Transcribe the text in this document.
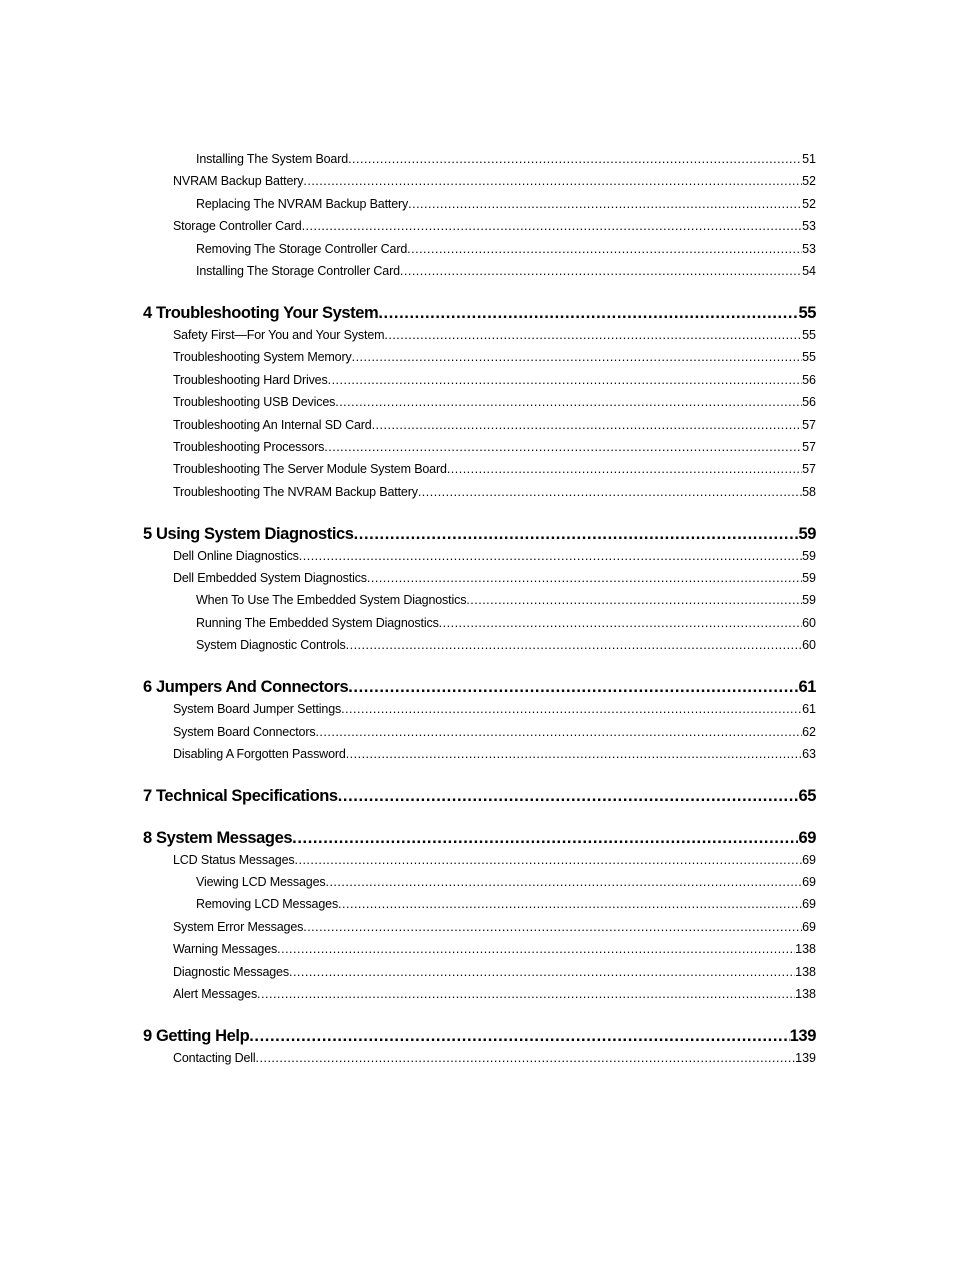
Installing The System Board .....	51
NVRAM Backup Battery .....	52
Replacing The NVRAM Backup Battery .....	52
Storage Controller Card .....	53
Removing The Storage Controller Card .....	53
Installing The Storage Controller Card .....	54
4 Troubleshooting Your System .....	55
Safety First—For You and Your System .....	55
Troubleshooting System Memory .....	55
Troubleshooting Hard Drives .....	56
Troubleshooting USB Devices .....	56
Troubleshooting An Internal SD Card .....	57
Troubleshooting Processors .....	57
Troubleshooting The Server Module System Board .....	57
Troubleshooting The NVRAM Backup Battery .....	58
5 Using System Diagnostics .....	59
Dell Online Diagnostics .....	59
Dell Embedded System Diagnostics .....	59
When To Use The Embedded System Diagnostics .....	59
Running The Embedded System Diagnostics .....	60
System Diagnostic Controls .....	60
6 Jumpers And Connectors .....	61
System Board Jumper Settings .....	61
System Board Connectors .....	62
Disabling A Forgotten Password .....	63
7 Technical Specifications .....	65
8 System Messages .....	69
LCD Status Messages .....	69
Viewing LCD Messages .....	69
Removing LCD Messages .....	69
System Error Messages .....	69
Warning Messages .....	138
Diagnostic Messages .....	138
Alert Messages .....	138
9 Getting Help .....	139
Contacting Dell .....	139
